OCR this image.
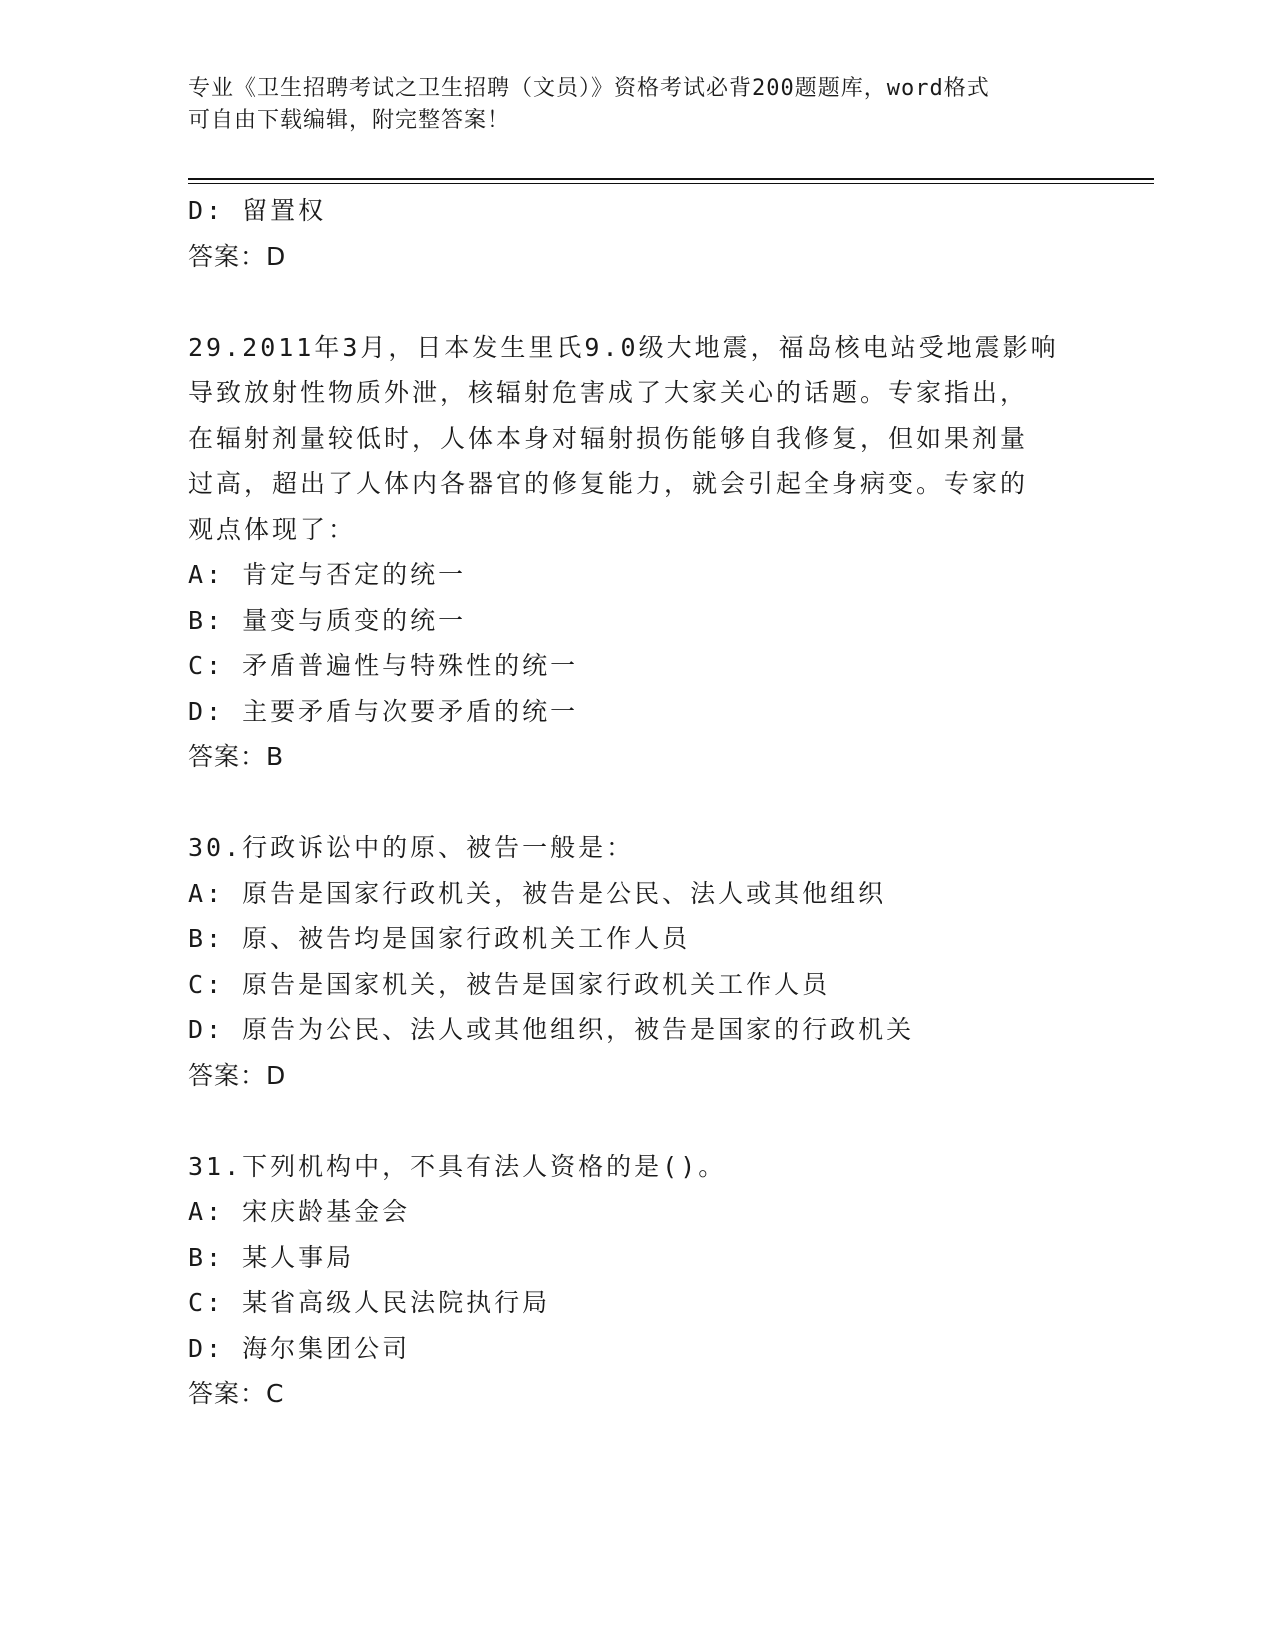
专业《卫生招聘考试之卫生招聘（文员）》资格考试必背200题题库，word格式
可自由下载编辑，附完整答案！
D: 留置权
答案：D
29.2011年3月，日本发生里氏9.0级大地震，福岛核电站受地震影响
导致放射性物质外泄，核辐射危害成了大家关心的话题。专家指出，
在辐射剂量较低时，人体本身对辐射损伤能够自我修复，但如果剂量
过高，超出了人体内各器官的修复能力，就会引起全身病变。专家的
观点体现了：
A: 肯定与否定的统一
B: 量变与质变的统一
C: 矛盾普遍性与特殊性的统一
D: 主要矛盾与次要矛盾的统一
答案：B
30.行政诉讼中的原、被告一般是：
A: 原告是国家行政机关，被告是公民、法人或其他组织
B: 原、被告均是国家行政机关工作人员
C: 原告是国家机关，被告是国家行政机关工作人员
D: 原告为公民、法人或其他组织，被告是国家的行政机关
答案：D
31.下列机构中，不具有法人资格的是()。
A: 宋庆龄基金会
B: 某人事局
C: 某省高级人民法院执行局
D: 海尔集团公司
答案：C
